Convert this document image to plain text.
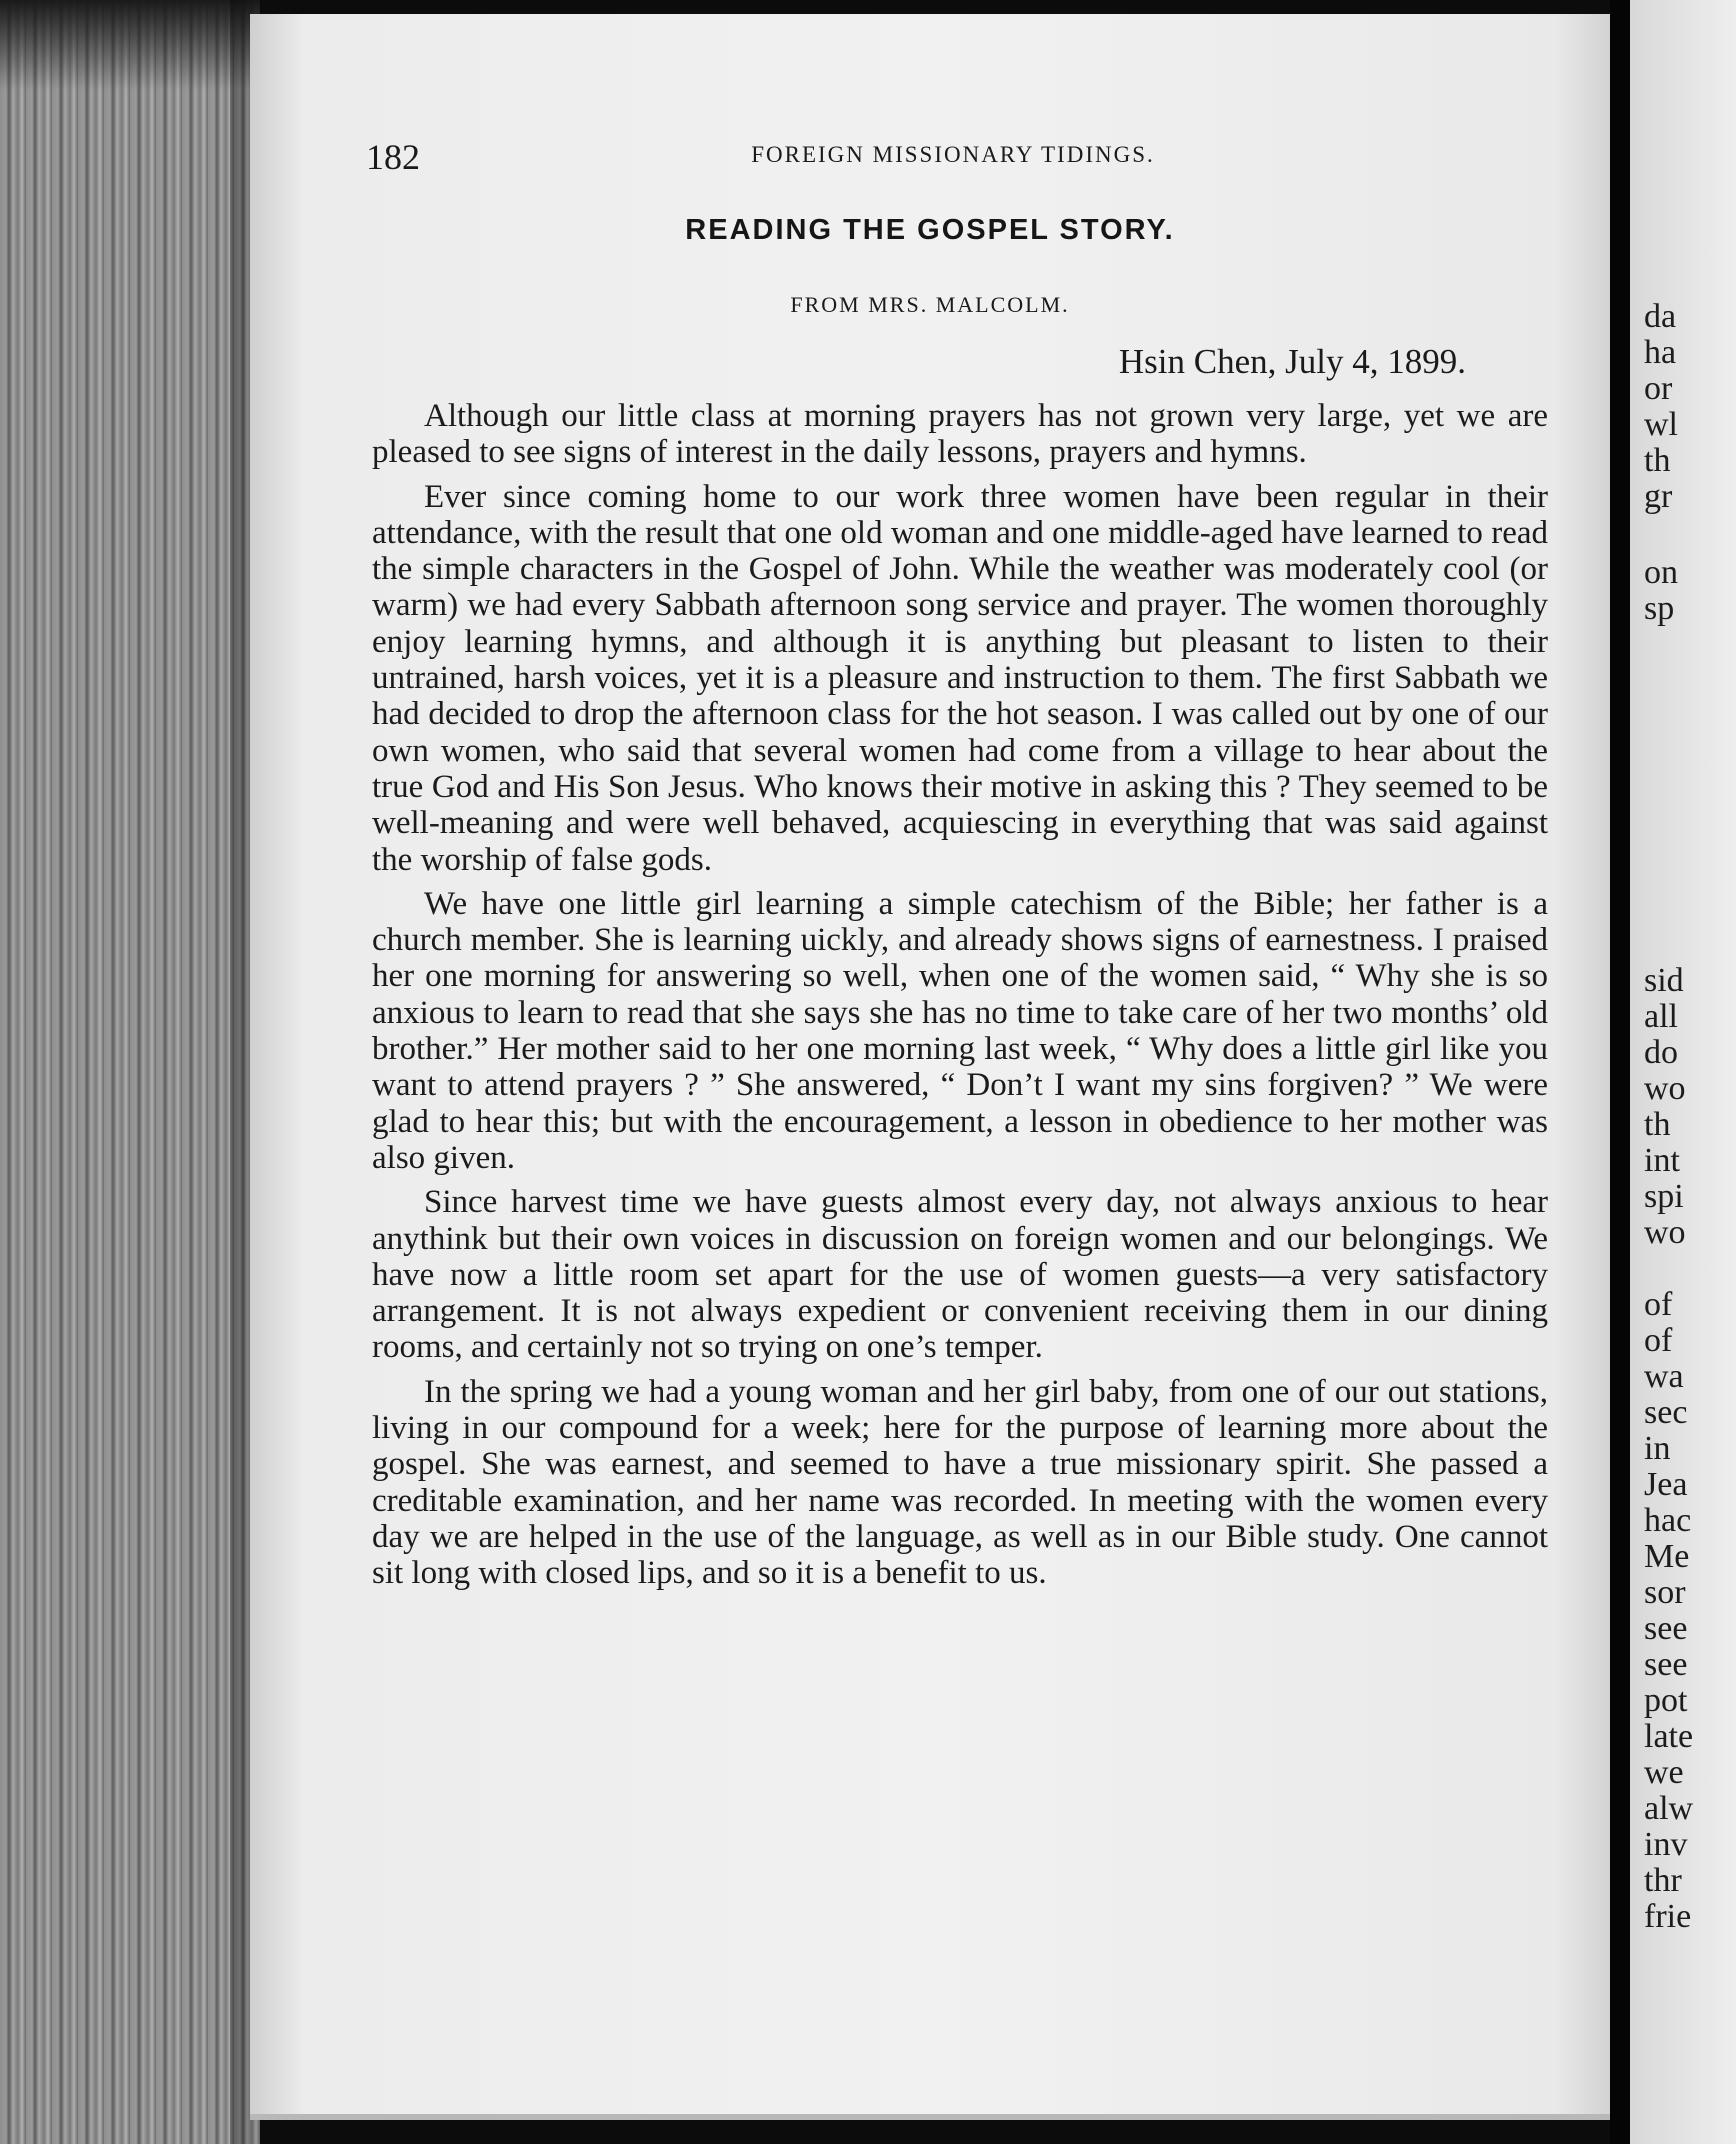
182	FOREIGN MISSIONARY TIDINGS.
READING THE GOSPEL STORY.
FROM MRS. MALCOLM.
Hsin Chen, July 4, 1899.

Although our little class at morning prayers has not grown very large, yet we are pleased to see signs of interest in the daily lessons, prayers and hymns.

Ever since coming home to our work three women have been regular in their attendance, with the result that one old woman and one middle-aged have learned to read the simple characters in the Gospel of John. While the weather was moderately cool (or warm) we had every Sabbath afternoon song service and prayer. The women thoroughly enjoy learning hymns, and although it is anything but pleasant to listen to their untrained, harsh voices, yet it is a pleasure and instruction to them. The first Sabbath we had decided to drop the afternoon class for the hot season. I was called out by one of our own women, who said that several women had come from a village to hear about the true God and His Son Jesus. Who knows their motive in asking this ? They seemed to be well-meaning and were well behaved, acquiescing in everything that was said against the worship of false gods.

We have one little girl learning a simple catechism of the Bible; her father is a church member. She is learning uickly, and already shows signs of earnestness. I praised her one morning for answering so well, when one of the women said, “ Why she is so anxious to learn to read that she says she has no time to take care of her two months’ old brother.” Her mother said to her one morning last week, “ Why does a little girl like you want to attend prayers ? ” She answered, “ Don’t I want my sins forgiven? ” We were glad to hear this; but with the encouragement, a lesson in obedience to her mother was also given.

Since harvest time we have guests almost every day, not always anxious to hear anythink but their own voices in discussion on foreign women and our belongings. We have now a little room set apart for the use of women guests—a very satisfactory arrangement. It is not always expedient or convenient receiving them in our dining rooms, and certainly not so trying on one’s temper.

In the spring we had a young woman and her girl baby, from one of our out stations, living in our compound for a week; here for the purpose of learning more about the gospel. She was earnest, and seemed to have a true missionary spirit. She passed a creditable examination, and her name was recorded. In meeting with the women every day we are helped in the use of the language, as well as in our Bible study. One cannot sit long with closed lips, and so it is a benefit to us.

da
ha
or
wl
th
gr
on
sp
sid
all
do
wo
th
int
spi
wo
of
of
wa
sec
in
Jea
hac
Me
sor
see
see
pot
late
we
alw
inv
thr
frie
